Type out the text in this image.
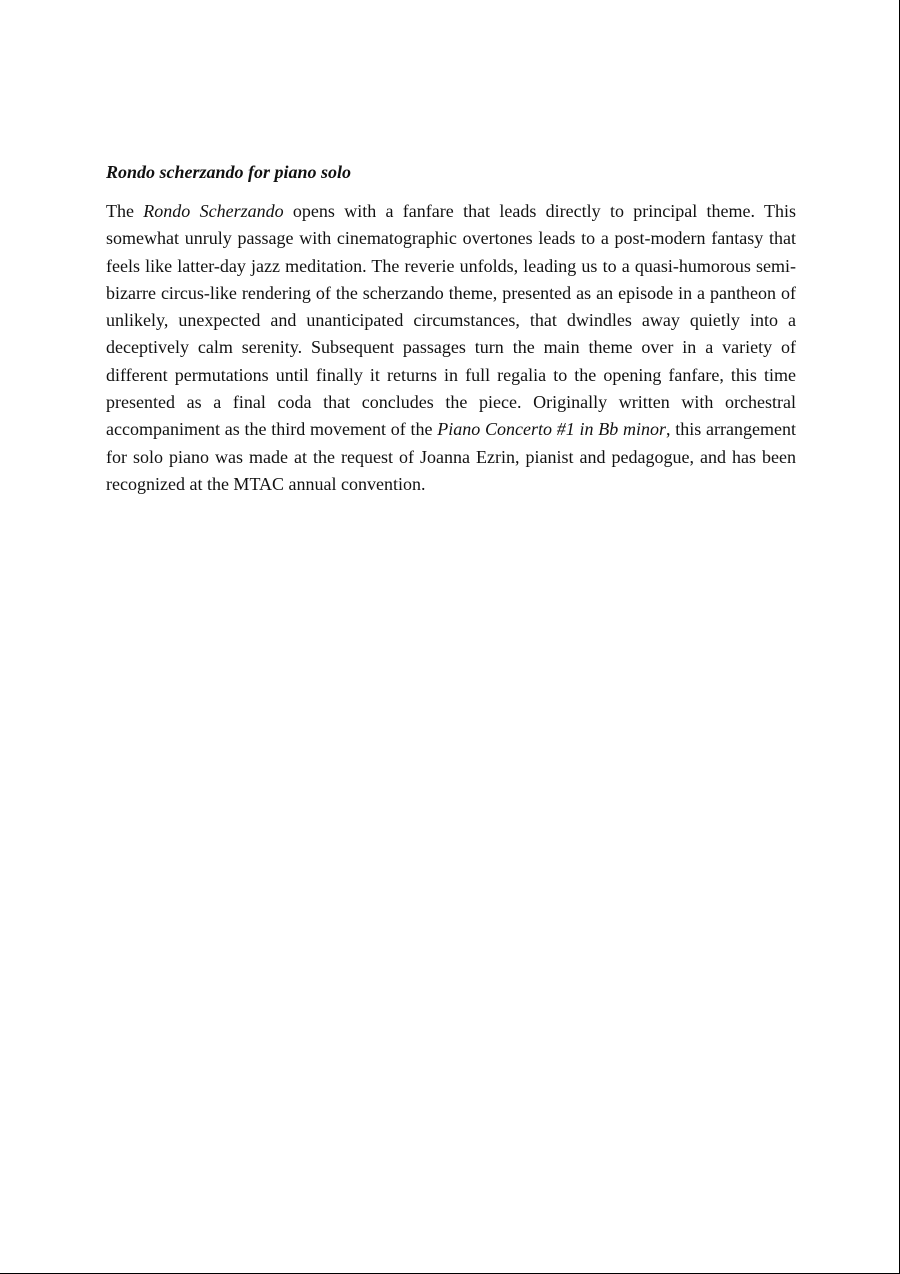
Rondo scherzando for piano solo

The Rondo Scherzando opens with a fanfare that leads directly to principal theme. This somewhat unruly passage with cinematographic overtones leads to a post-modern fantasy that feels like latter-day jazz meditation. The reverie unfolds, leading us to a quasi-humorous semi-bizarre circus-like rendering of the scherzando theme, presented as an episode in a pantheon of unlikely, unexpected and unanticipated circumstances, that dwindles away quietly into a deceptively calm serenity. Subsequent passages turn the main theme over in a variety of different permutations until finally it returns in full regalia to the opening fanfare, this time presented as a final coda that concludes the piece. Originally written with orchestral accompaniment as the third movement of the Piano Concerto #1 in Bb minor, this arrangement for solo piano was made at the request of Joanna Ezrin, pianist and pedagogue, and has been recognized at the MTAC annual convention.
